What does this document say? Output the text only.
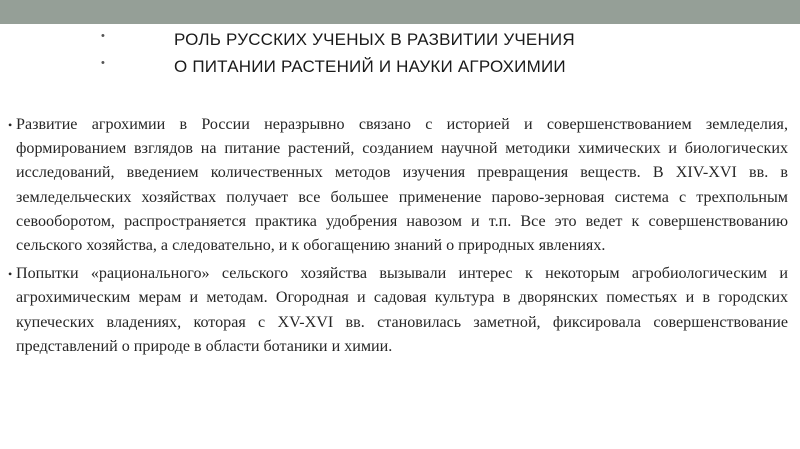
•	РОЛЬ РУССКИХ УЧЕНЫХ В РАЗВИТИИ УЧЕНИЯ
•	О ПИТАНИИ РАСТЕНИЙ И НАУКИ АГРОХИМИИ

• Развитие агрохимии в России неразрывно связано с историей и совершенствованием земледелия, формированием взглядов на питание растений, созданием научной методики химических и биологических исследований, введением количественных методов изучения превращения веществ. В XIV-XVI вв. в земледельческих хозяйствах получает все большее применение парово-зерновая система с трехпольным севооборотом, распространяется практика удобрения навозом и т.п. Все это ведет к совершенствованию сельского хозяйства, а следовательно, и к обогащению знаний о природных явлениях.

• Попытки «рационального» сельского хозяйства вызывали интерес к некоторым агробиологическим и агрохимическим мерам и методам. Огородная и садовая культура в дворянских поместьях и в городских купеческих владениях, которая с XV-XVI вв. становилась заметной, фиксировала совершенствование представлений о природе в области ботаники и химии.
